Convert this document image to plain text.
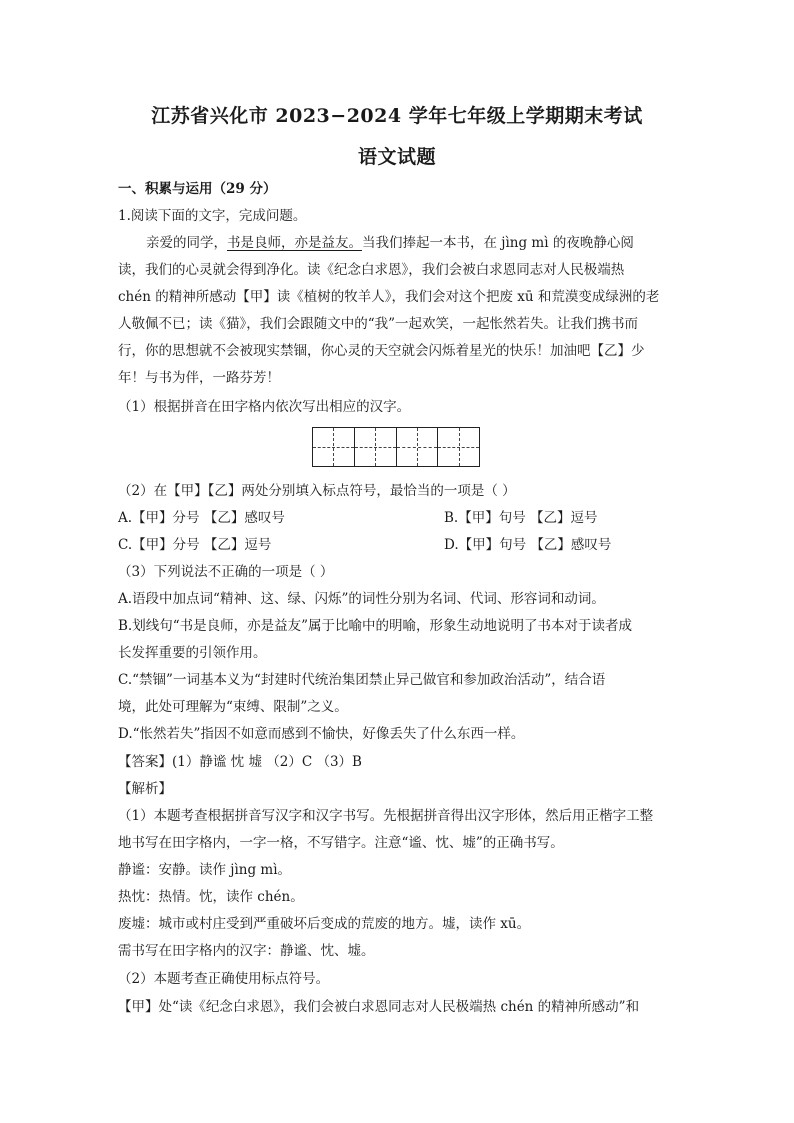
江苏省兴化市 2023−2024 学年七年级上学期期末考试
语文试题
一、积累与运用（29 分）
1.阅读下面的文字，完成问题。
亲爱的同学，书是良师，亦是益友。当我们捧起一本书，在 jìng mì 的夜晚静心阅
读，我们的心灵就会得到净化。读《纪念白求恩》，我们会被白求恩同志对人民极端热
chén 的精神所感动【甲】读《植树的牧羊人》，我们会对这个把废 xū 和荒漠变成绿洲的老
人敬佩不已；读《猫》，我们会跟随文中的“我”一起欢笑，一起怅然若失。让我们携书而
行，你的思想就不会被现实禁锢，你心灵的天空就会闪烁着星光的快乐！加油吧【乙】少
年！与书为伴，一路芬芳！
（1）根据拼音在田字格内依次写出相应的汉字。
（2）在【甲】【乙】两处分别填入标点符号，最恰当的一项是（ ）
A.【甲】分号 【乙】感叹号	B.【甲】句号 【乙】逗号
C.【甲】分号 【乙】逗号	D.【甲】句号 【乙】感叹号
（3）下列说法不正确的一项是（ ）
A.语段中加点词“精神、这、绿、闪烁”的词性分别为名词、代词、形容词和动词。
B.划线句“书是良师，亦是益友”属于比喻中的明喻，形象生动地说明了书本对于读者成
长发挥重要的引领作用。
C.“禁锢”一词基本义为“封建时代统治集团禁止异己做官和参加政治活动”，结合语
境，此处可理解为“束缚、限制”之义。
D.“怅然若失”指因不如意而感到不愉快，好像丢失了什么东西一样。
【答案】(1）静谧 忱 墟 （2）C （3）B
【解析】
（1）本题考查根据拼音写汉字和汉字书写。先根据拼音得出汉字形体，然后用正楷字工整
地书写在田字格内，一字一格，不写错字。注意“谧、忱、墟”的正确书写。
静谧：安静。读作 jìng mì。
热忱：热情。忱，读作 chén。
废墟：城市或村庄受到严重破坏后变成的荒废的地方。墟，读作 xū。
需书写在田字格内的汉字：静谧、忱、墟。
（2）本题考查正确使用标点符号。
【甲】处“读《纪念白求恩》，我们会被白求恩同志对人民极端热 chén 的精神所感动”和
